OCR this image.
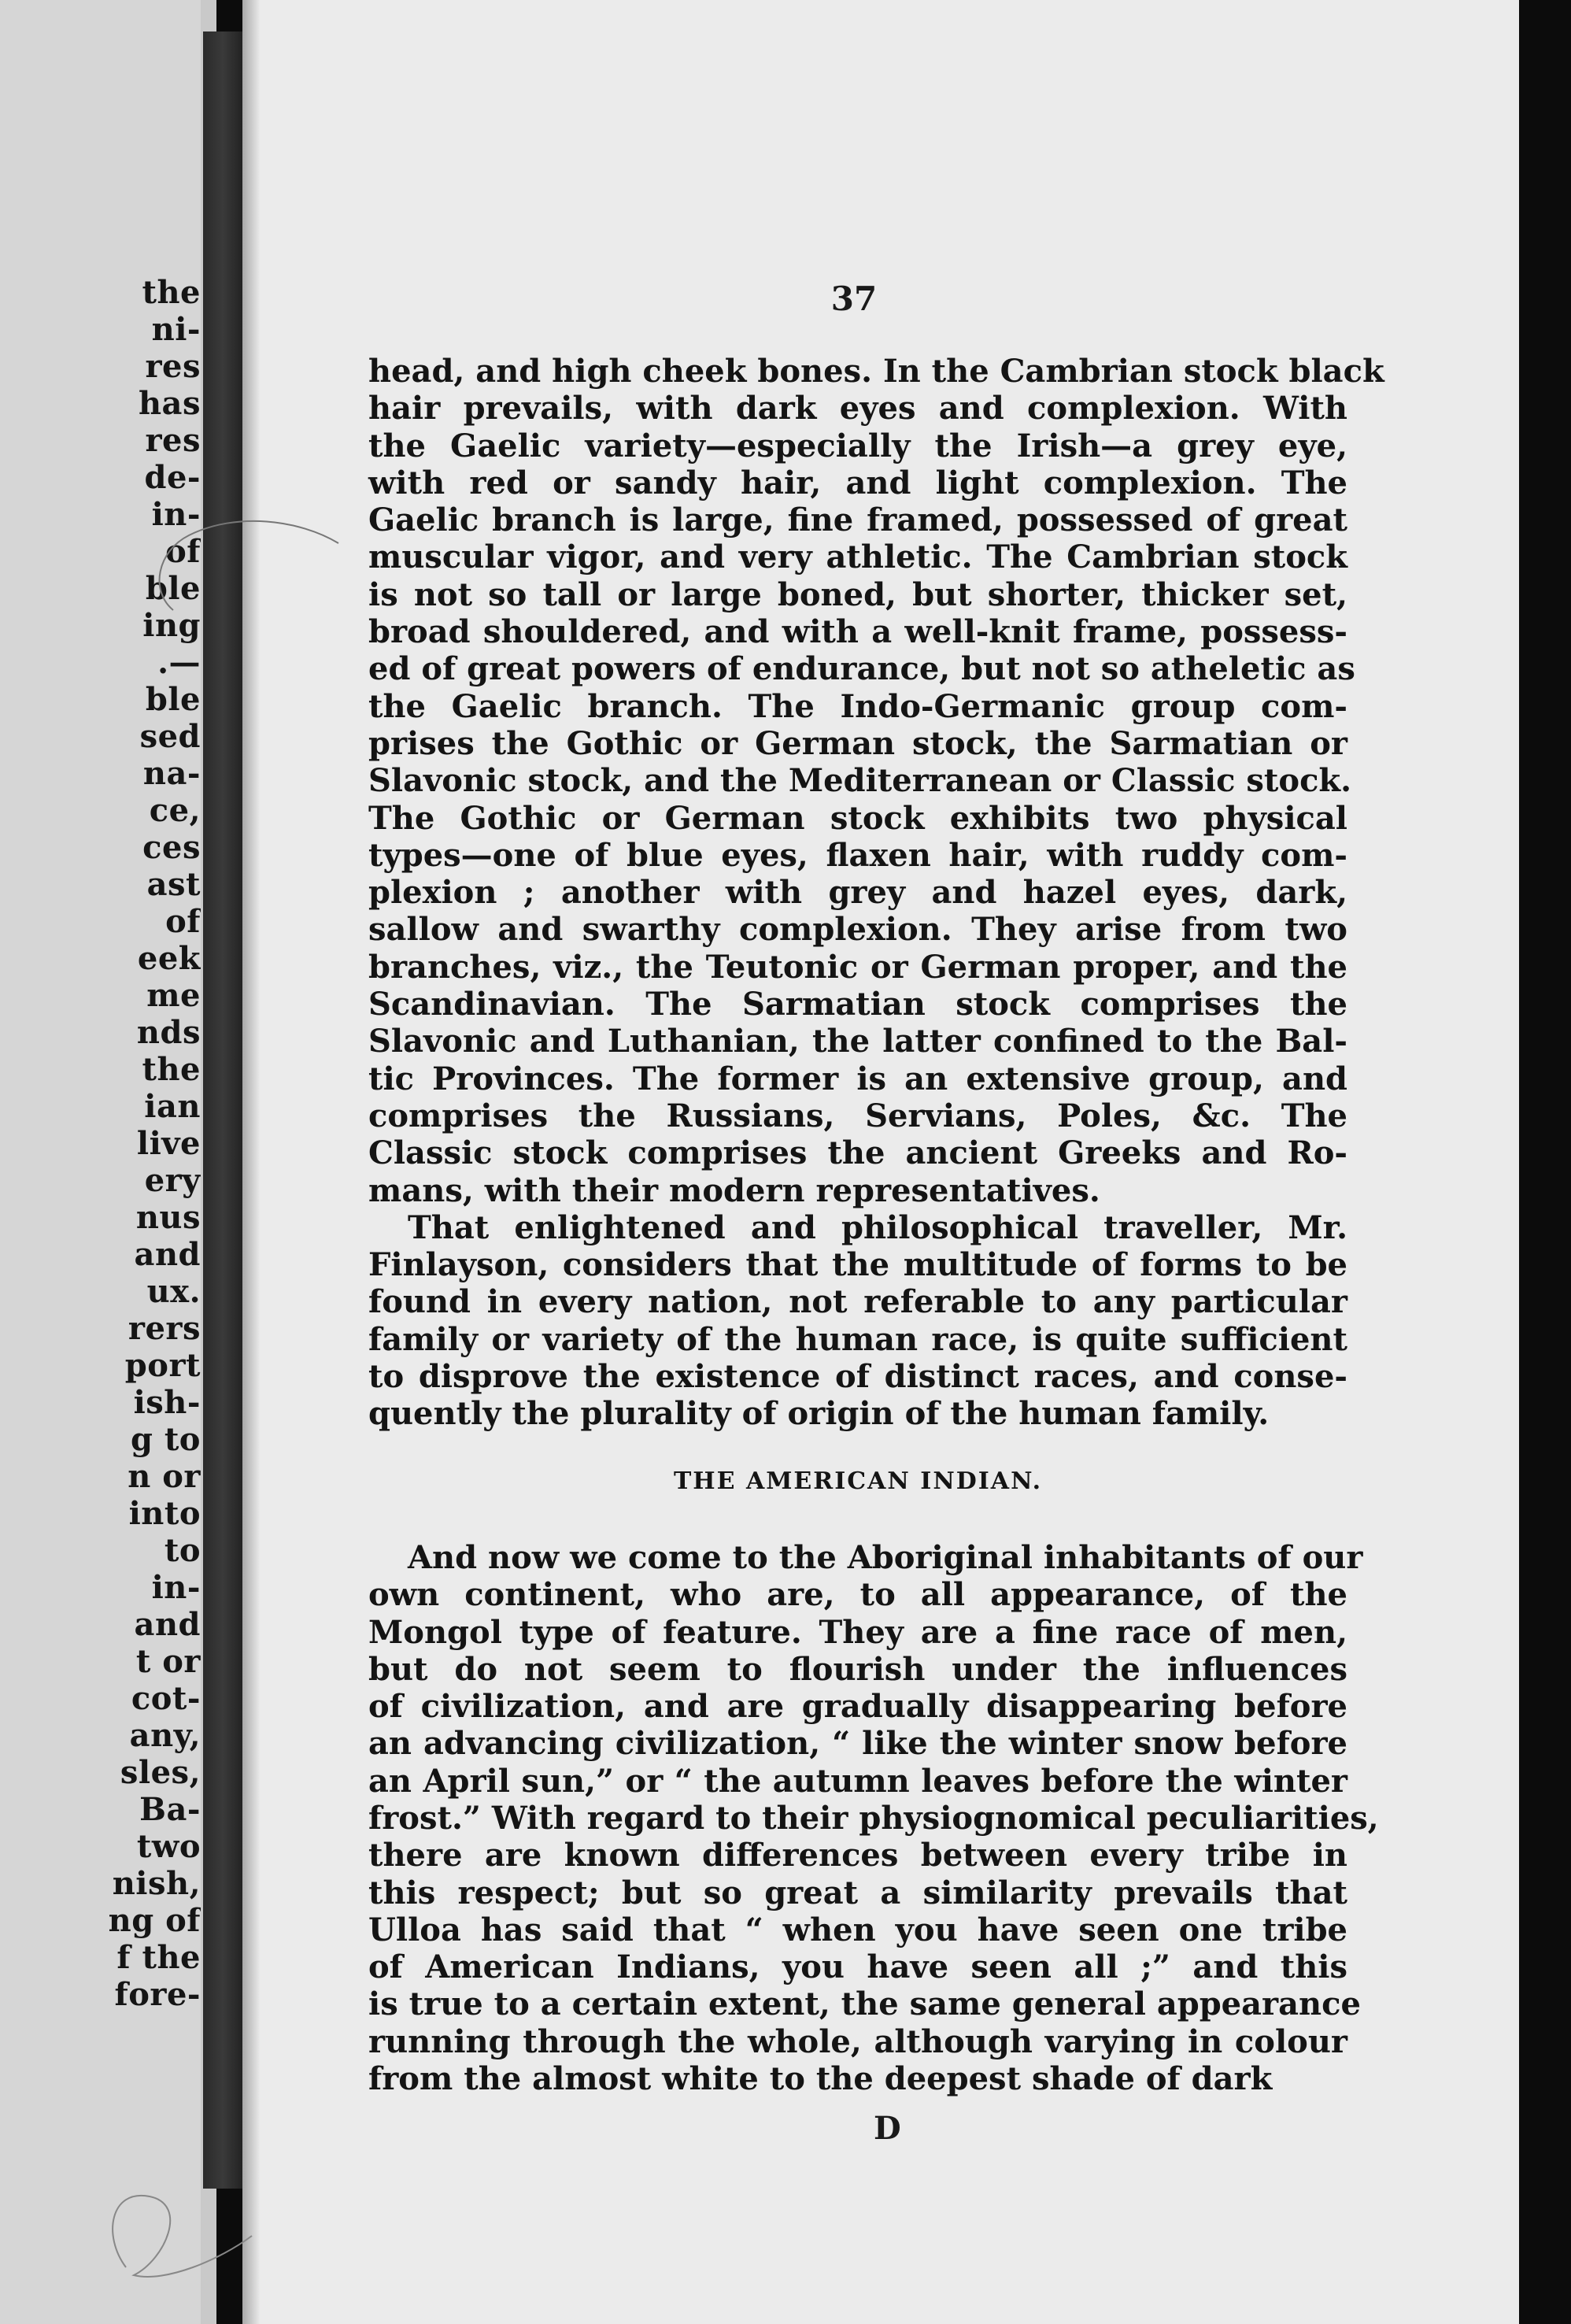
the
ni-
res
has
res
de-
in-
of
ble
ing
.—
ble
sed
na-
ce,
ces
ast
of
eek
me
nds
the
ian
live
ery
nus
and
ux.
rers
port
ish-
g to
n or
into
to
in-
and
t or
cot-
any,
sles,
Ba-
two
nish,
ng of
f the
fore-
37
head, and high cheek bones. In the Cambrian stock black
hair prevails, with dark eyes and complexion. With
the Gaelic variety—especially the Irish—a grey eye,
with red or sandy hair, and light complexion. The
Gaelic branch is large, fine framed, possessed of great
muscular vigor, and very athletic. The Cambrian stock
is not so tall or large boned, but shorter, thicker set,
broad shouldered, and with a well-knit frame, possess-
ed of great powers of endurance, but not so atheletic as
the Gaelic branch. The Indo-Germanic group com-
prises the Gothic or German stock, the Sarmatian or
Slavonic stock, and the Mediterranean or Classic stock.
The Gothic or German stock exhibits two physical
types—one of blue eyes, flaxen hair, with ruddy com-
plexion ; another with grey and hazel eyes, dark,
sallow and swarthy complexion. They arise from two
branches, viz., the Teutonic or German proper, and the
Scandinavian. The Sarmatian stock comprises the
Slavonic and Luthanian, the latter confined to the Bal-
tic Provinces. The former is an extensive group, and
comprises the Russians, Servians, Poles, &c. The
Classic stock comprises the ancient Greeks and Ro-
mans, with their modern representatives.
That enlightened and philosophical traveller, Mr.
Finlayson, considers that the multitude of forms to be
found in every nation, not referable to any particular
family or variety of the human race, is quite sufficient
to disprove the existence of distinct races, and conse-
quently the plurality of origin of the human family.
THE AMERICAN INDIAN.
And now we come to the Aboriginal inhabitants of our
own continent, who are, to all appearance, of the
Mongol type of feature. They are a fine race of men,
but do not seem to flourish under the influences
of civilization, and are gradually disappearing before
an advancing civilization, “ like the winter snow before
an April sun,” or “ the autumn leaves before the winter
frost.” With regard to their physiognomical peculiarities,
there are known differences between every tribe in
this respect; but so great a similarity prevails that
Ulloa has said that “ when you have seen one tribe
of American Indians, you have seen all ;” and this
is true to a certain extent, the same general appearance
running through the whole, although varying in colour
from the almost white to the deepest shade of dark
D
